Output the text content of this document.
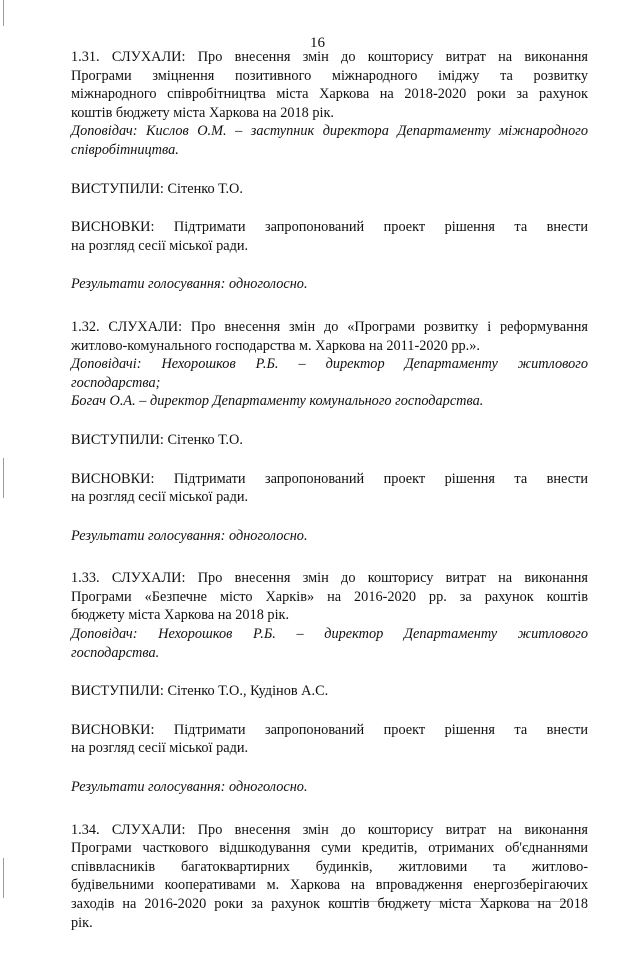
16
1.31. СЛУХАЛИ: Про внесення змін до кошторису витрат на виконання
Програми змiцнення позитивного мiжнародного iмiджу та розвитку
мiжнародного спiвробiтництва мiста Харкова на 2018-2020 роки за рахунок
коштiв бюджету мiста Харкова на 2018 рiк.
Доповiдач: Кислов О.М. – заступник директора Департаменту мiжнародного
спiвробiтництва.
ВИСТУПИЛИ: Сiтенко Т.О.
ВИСНОВКИ: Пiдтримати запропонований проект рiшення та внести
на розгляд сесiї мiської ради.
Результати голосування: одноголосно.
1.32. СЛУХАЛИ: Про внесення змiн до «Програми розвитку i реформування
житлово-комунального господарства м. Харкова на 2011-2020 рр.».
Доповiдачi: Нехорошков Р.Б. – директор Департаменту житлового
господарства;
Богач О.А. – директор Департаменту комунального господарства.
ВИСТУПИЛИ: Сiтенко Т.О.
ВИСНОВКИ: Пiдтримати запропонований проект рiшення та внести
на розгляд сесiї мiської ради.
Результати голосування: одноголосно.
1.33. СЛУХАЛИ: Про внесення змiн до кошторису витрат на виконання
Програми «Безпечне мiсто Харкiв» на 2016-2020 рр. за рахунок коштiв
бюджету мiста Харкова на 2018 рiк.
Доповiдач: Нехорошков Р.Б. – директор Департаменту житлового
господарства.
ВИСТУПИЛИ: Сiтенко Т.О., Кудiнов А.С.
ВИСНОВКИ: Пiдтримати запропонований проект рiшення та внести
на розгляд сесiї мiської ради.
Результати голосування: одноголосно.
1.34. СЛУХАЛИ: Про внесення змiн до кошторису витрат на виконання
Програми часткового вiдшкодування суми кредитiв, отриманих об'єднаннями
спiввласникiв багатоквартирних будинкiв, житловими та житлово-
будiвельними кооперативами м. Харкова на впровадження енергозберiгаючих
заходiв на 2016-2020 роки за рахунок коштiв бюджету мiста Харкова на 2018
рiк.
